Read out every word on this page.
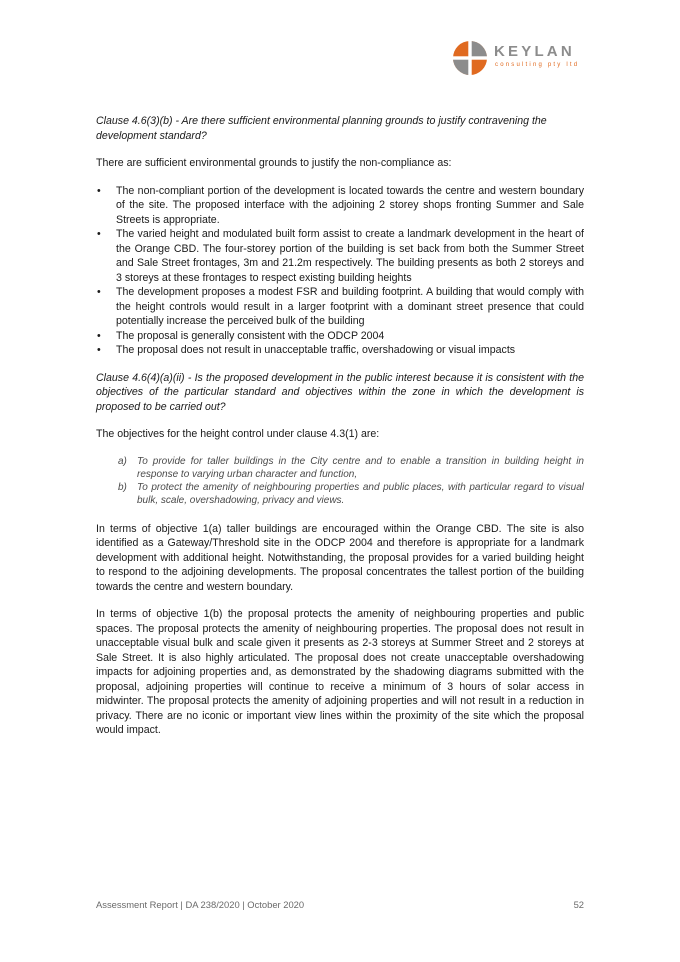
KEYLAN
consulting pty ltd

Clause 4.6(3)(b) - Are there sufficient environmental planning grounds to justify contravening the development standard?

There are sufficient environmental grounds to justify the non-compliance as:

• The non-compliant portion of the development is located towards the centre and western boundary of the site. The proposed interface with the adjoining 2 storey shops fronting Summer and Sale Streets is appropriate.
• The varied height and modulated built form assist to create a landmark development in the heart of the Orange CBD. The four-storey portion of the building is set back from both the Summer Street and Sale Street frontages, 3m and 21.2m respectively. The building presents as both 2 storeys and 3 storeys at these frontages to respect existing building heights
• The development proposes a modest FSR and building footprint. A building that would comply with the height controls would result in a larger footprint with a dominant street presence that could potentially increase the perceived bulk of the building
• The proposal is generally consistent with the ODCP 2004
• The proposal does not result in unacceptable traffic, overshadowing or visual impacts

Clause 4.6(4)(a)(ii) - Is the proposed development in the public interest because it is consistent with the objectives of the particular standard and objectives within the zone in which the development is proposed to be carried out?

The objectives for the height control under clause 4.3(1) are:

a) To provide for taller buildings in the City centre and to enable a transition in building height in response to varying urban character and function,
b) To protect the amenity of neighbouring properties and public places, with particular regard to visual bulk, scale, overshadowing, privacy and views.

In terms of objective 1(a) taller buildings are encouraged within the Orange CBD. The site is also identified as a Gateway/Threshold site in the ODCP 2004 and therefore is appropriate for a landmark development with additional height. Notwithstanding, the proposal provides for a varied building height to respond to the adjoining developments. The proposal concentrates the tallest portion of the building towards the centre and western boundary.

In terms of objective 1(b) the proposal protects the amenity of neighbouring properties and public spaces. The proposal protects the amenity of neighbouring properties. The proposal does not result in unacceptable visual bulk and scale given it presents as 2-3 storeys at Summer Street and 2 storeys at Sale Street. It is also highly articulated. The proposal does not create unacceptable overshadowing impacts for adjoining properties and, as demonstrated by the shadowing diagrams submitted with the proposal, adjoining properties will continue to receive a minimum of 3 hours of solar access in midwinter. The proposal protects the amenity of adjoining properties and will not result in a reduction in privacy. There are no iconic or important view lines within the proximity of the site which the proposal would impact.

Assessment Report | DA 238/2020 | October 2020	52
